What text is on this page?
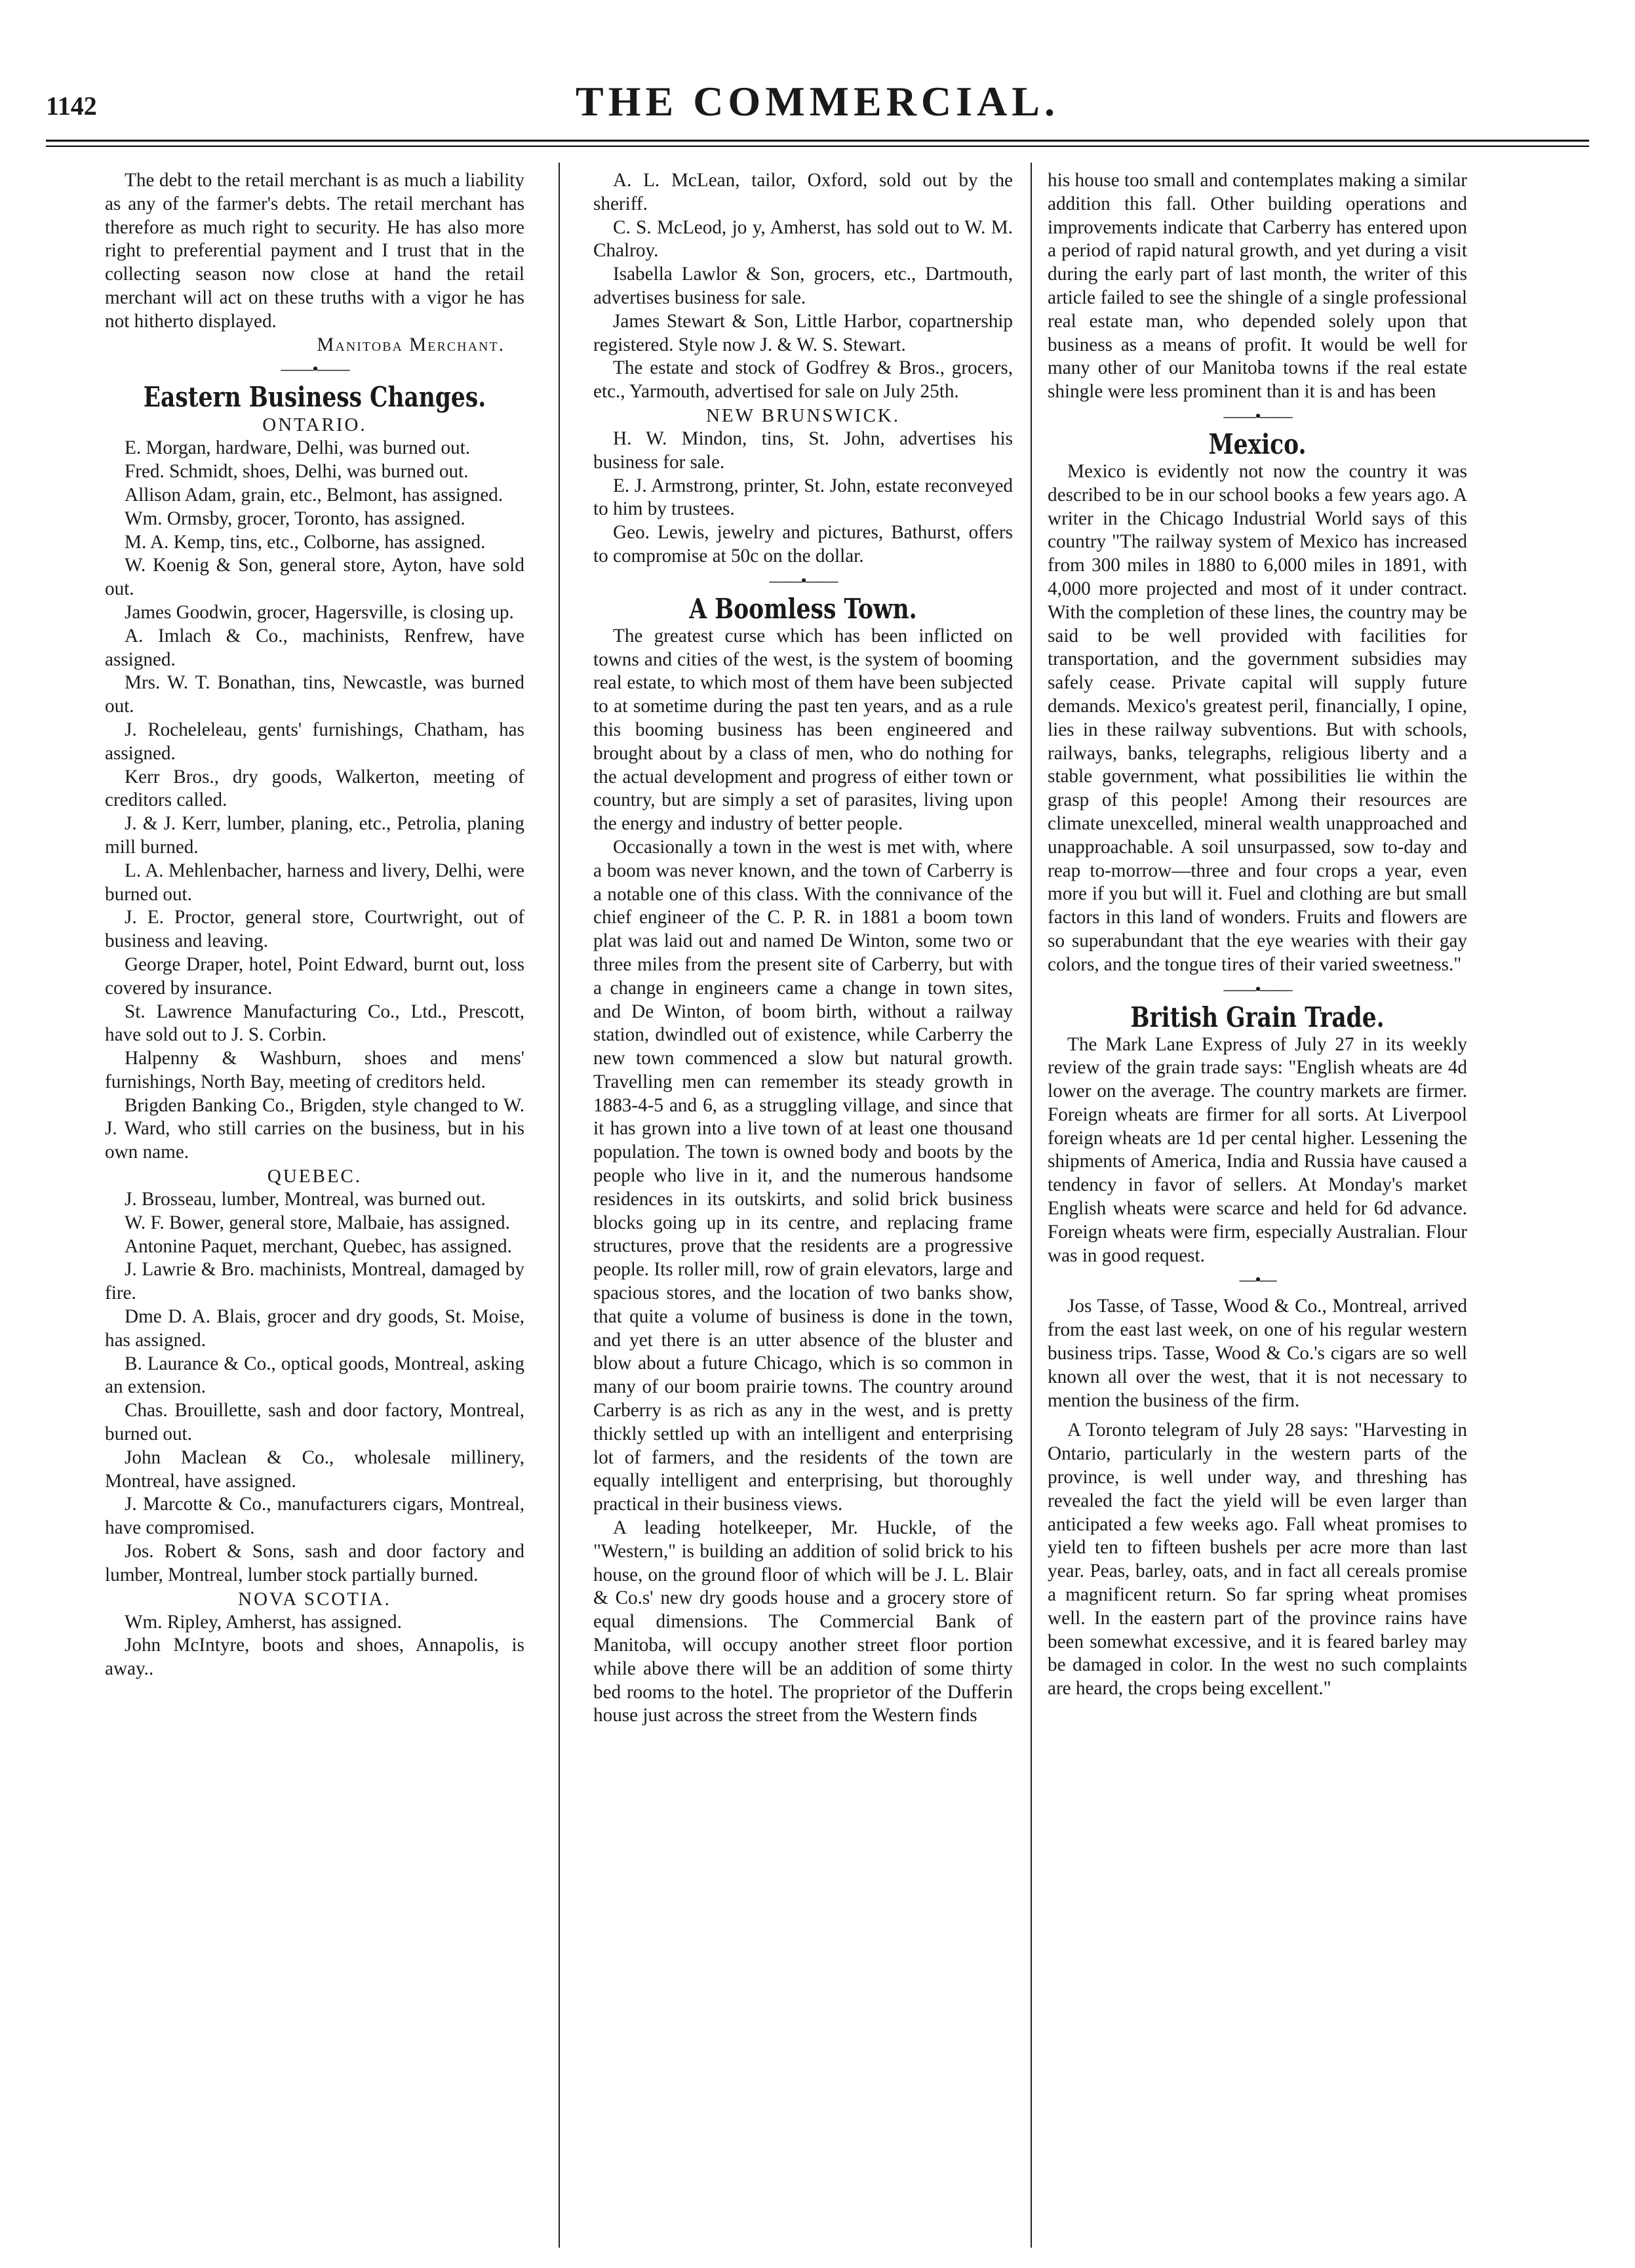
1142	THE COMMERCIAL.

The debt to the retail merchant is as much a liability as any of the farmer's debts. The retail merchant has therefore as much right to security. He has also more right to preferential payment and I trust that in the collecting season now close at hand the retail merchant will act on these truths with a vigor he has not hitherto displayed.

Manitoba Merchant.

——•——
Eastern Business Changes.
ONTARIO.

E. Morgan, hardware, Delhi, was burned out.

Fred. Schmidt, shoes, Delhi, was burned out.

Allison Adam, grain, etc., Belmont, has assigned.

Wm. Ormsby, grocer, Toronto, has assigned.

M. A. Kemp, tins, etc., Colborne, has assigned.

W. Koenig & Son, general store, Ayton, have sold out.

James Goodwin, grocer, Hagersville, is closing up.

A. Imlach & Co., machinists, Renfrew, have assigned.

Mrs. W. T. Bonathan, tins, Newcastle, was burned out.

J. Rocheleleau, gents' furnishings, Chatham, has assigned.

Kerr Bros., dry goods, Walkerton, meeting of creditors called.

J. & J. Kerr, lumber, planing, etc., Petrolia, planing mill burned.

L. A. Mehlenbacher, harness and livery, Delhi, were burned out.

J. E. Proctor, general store, Courtwright, out of business and leaving.

George Draper, hotel, Point Edward, burnt out, loss covered by insurance.

St. Lawrence Manufacturing Co., Ltd., Prescott, have sold out to J. S. Corbin.

Halpenny & Washburn, shoes and mens' furnishings, North Bay, meeting of creditors held.

Brigden Banking Co., Brigden, style changed to W. J. Ward, who still carries on the business, but in his own name.

QUEBEC.

J. Brosseau, lumber, Montreal, was burned out.

W. F. Bower, general store, Malbaie, has assigned.

Antonine Paquet, merchant, Quebec, has assigned.

J. Lawrie & Bro. machinists, Montreal, damaged by fire.

Dme D. A. Blais, grocer and dry goods, St. Moise, has assigned.

B. Laurance & Co., optical goods, Montreal, asking an extension.

Chas. Brouillette, sash and door factory, Montreal, burned out.

John Maclean & Co., wholesale millinery, Montreal, have assigned.

J. Marcotte & Co., manufacturers cigars, Montreal, have compromised.

Jos. Robert & Sons, sash and door factory and lumber, Montreal, lumber stock partially burned.

NOVA SCOTIA.

Wm. Ripley, Amherst, has assigned.

John McIntyre, boots and shoes, Annapolis, is away..

A. L. McLean, tailor, Oxford, sold out by the sheriff.

C. S. McLeod, jo y, Amherst, has sold out to W. M. Chalroy.

Isabella Lawlor & Son, grocers, etc., Dartmouth, advertises business for sale.

James Stewart & Son, Little Harbor, copartnership registered. Style now J. & W. S. Stewart.

The estate and stock of Godfrey & Bros., grocers, etc., Yarmouth, advertised for sale on July 25th.

NEW BRUNSWICK.

H. W. Mindon, tins, St. John, advertises his business for sale.

E. J. Armstrong, printer, St. John, estate reconveyed to him by trustees.

Geo. Lewis, jewelry and pictures, Bathurst, offers to compromise at 50c on the dollar.

——•——
A Boomless Town.

The greatest curse which has been inflicted on towns and cities of the west, is the system of booming real estate, to which most of them have been subjected to at sometime during the past ten years, and as a rule this booming business has been engineered and brought about by a class of men, who do nothing for the actual development and progress of either town or country, but are simply a set of parasites, living upon the energy and industry of better people.

Occasionally a town in the west is met with, where a boom was never known, and the town of Carberry is a notable one of this class. With the connivance of the chief engineer of the C. P. R. in 1881 a boom town plat was laid out and named De Winton, some two or three miles from the present site of Carberry, but with a change in engineers came a change in town sites, and De Winton, of boom birth, without a railway station, dwindled out of existence, while Carberry the new town commenced a slow but natural growth. Travelling men can remember its steady growth in 1883-4-5 and 6, as a struggling village, and since that it has grown into a live town of at least one thousand population. The town is owned body and boots by the people who live in it, and the numerous handsome residences in its outskirts, and solid brick business blocks going up in its centre, and replacing frame structures, prove that the residents are a progressive people. Its roller mill, row of grain elevators, large and spacious stores, and the location of two banks show, that quite a volume of business is done in the town, and yet there is an utter absence of the bluster and blow about a future Chicago, which is so common in many of our boom prairie towns. The country around Carberry is as rich as any in the west, and is pretty thickly settled up with an intelligent and enterprising lot of farmers, and the residents of the town are equally intelligent and enterprising, but thoroughly practical in their business views.

A leading hotelkeeper, Mr. Huckle, of the "Western," is building an addition of solid brick to his house, on the ground floor of which will be J. L. Blair & Co.s' new dry goods house and a grocery store of equal dimensions. The Commercial Bank of Manitoba, will occupy another street floor portion while above there will be an addition of some thirty bed rooms to the hotel. The proprietor of the Dufferin house just across the street from the Western finds

his house too small and contemplates making a similar addition this fall. Other building operations and improvements indicate that Carberry has entered upon a period of rapid natural growth, and yet during a visit during the early part of last month, the writer of this article failed to see the shingle of a single professional real estate man, who depended solely upon that business as a means of profit. It would be well for many other of our Manitoba towns if the real estate shingle were less prominent than it is and has been

——•——
Mexico.

Mexico is evidently not now the country it was described to be in our school books a few years ago. A writer in the Chicago Industrial World says of this country "The railway system of Mexico has increased from 300 miles in 1880 to 6,000 miles in 1891, with 4,000 more projected and most of it under contract. With the completion of these lines, the country may be said to be well provided with facilities for transportation, and the government subsidies may safely cease. Private capital will supply future demands. Mexico's greatest peril, financially, I opine, lies in these railway subventions. But with schools, railways, banks, telegraphs, religious liberty and a stable government, what possibilities lie within the grasp of this people! Among their resources are climate unexcelled, mineral wealth unapproached and unapproachable. A soil unsurpassed, sow to-day and reap to-morrow—three and four crops a year, even more if you but will it. Fuel and clothing are but small factors in this land of wonders. Fruits and flowers are so superabundant that the eye wearies with their gay colors, and the tongue tires of their varied sweetness."

——•——
British Grain Trade.

The Mark Lane Express of July 27 in its weekly review of the grain trade says: "English wheats are 4d lower on the average. The country markets are firmer. Foreign wheats are firmer for all sorts. At Liverpool foreign wheats are 1d per cental higher. Lessening the shipments of America, India and Russia have caused a tendency in favor of sellers. At Monday's market English wheats were scarce and held for 6d advance. Foreign wheats were firm, especially Australian. Flour was in good request.

—•—

Jos Tasse, of Tasse, Wood & Co., Montreal, arrived from the east last week, on one of his regular western business trips. Tasse, Wood & Co.'s cigars are so well known all over the west, that it is not necessary to mention the business of the firm.

A Toronto telegram of July 28 says: "Harvesting in Ontario, particularly in the western parts of the province, is well under way, and threshing has revealed the fact the yield will be even larger than anticipated a few weeks ago. Fall wheat promises to yield ten to fifteen bushels per acre more than last year. Peas, barley, oats, and in fact all cereals promise a magnificent return. So far spring wheat promises well. In the eastern part of the province rains have been somewhat excessive, and it is feared barley may be damaged in color. In the west no such complaints are heard, the crops being excellent."
